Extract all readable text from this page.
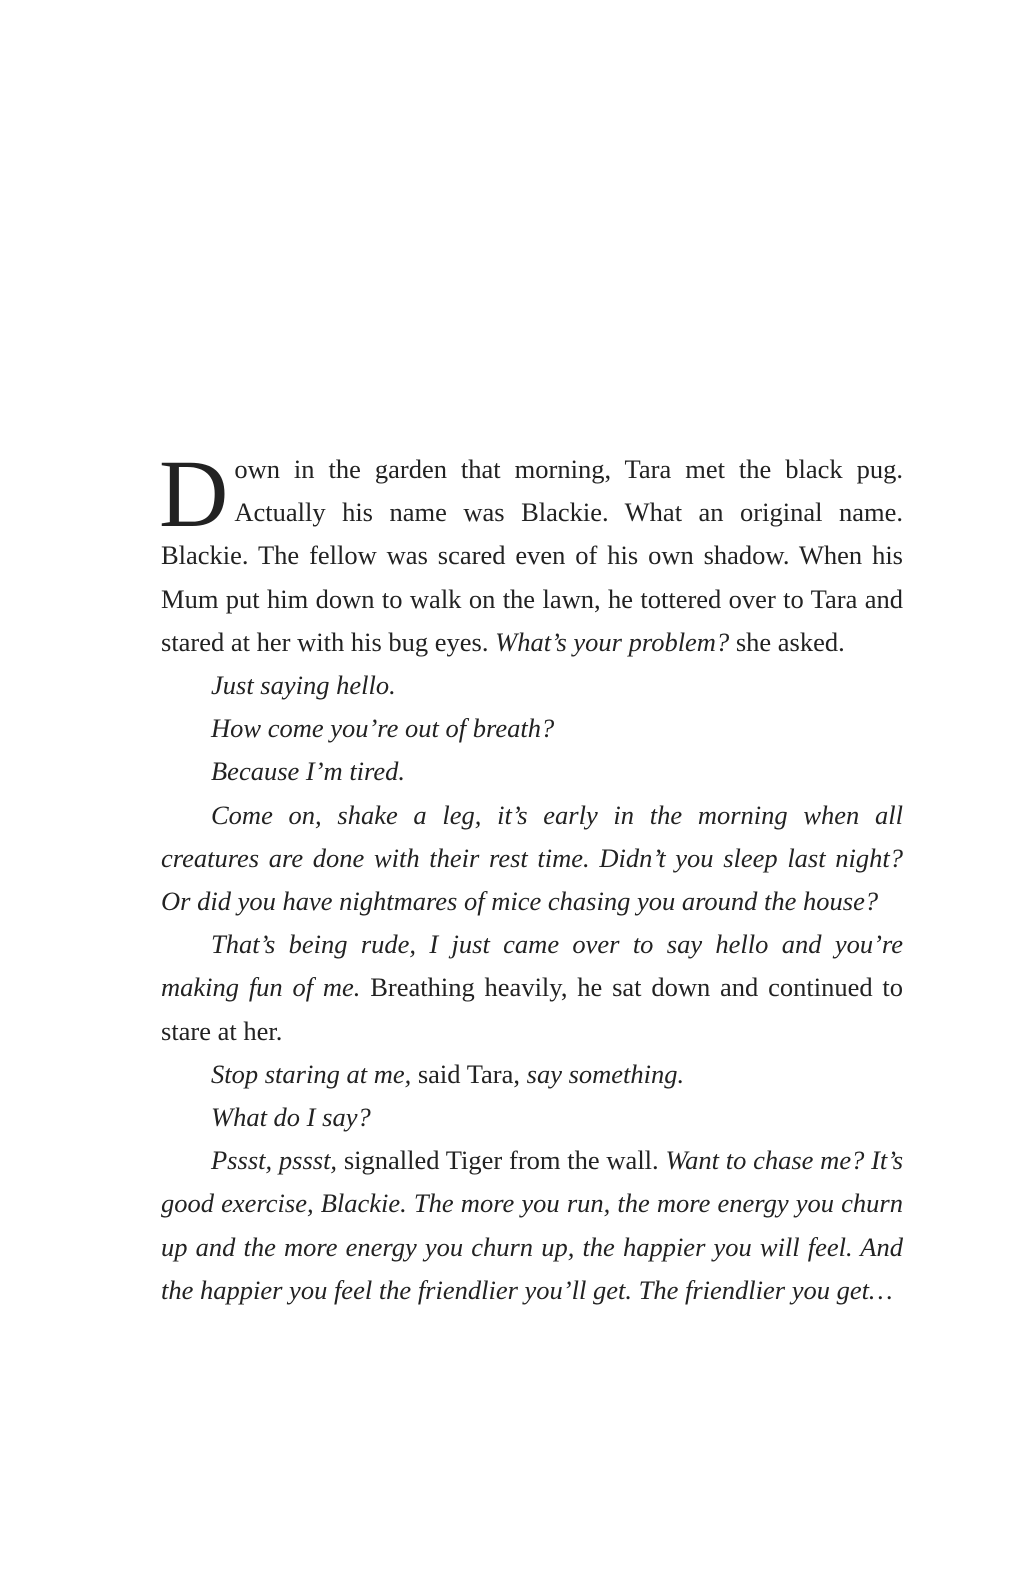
Down in the garden that morning, Tara met the black pug. Actually his name was Blackie. What an original name. Blackie. The fellow was scared even of his own shadow. When his Mum put him down to walk on the lawn, he tottered over to Tara and stared at her with his bug eyes. What’s your problem? she asked.

Just saying hello.

How come you’re out of breath?

Because I’m tired.

Come on, shake a leg, it’s early in the morning when all creatures are done with their rest time. Didn’t you sleep last night? Or did you have nightmares of mice chasing you around the house?

That’s being rude, I just came over to say hello and you’re making fun of me. Breathing heavily, he sat down and continued to stare at her.

Stop staring at me, said Tara, say something.

What do I say?

Pssst, pssst, signalled Tiger from the wall. Want to chase me? It’s good exercise, Blackie. The more you run, the more energy you churn up and the more energy you churn up, the happier you will feel. And the happier you feel the friendlier you’ll get. The friendlier you get…
